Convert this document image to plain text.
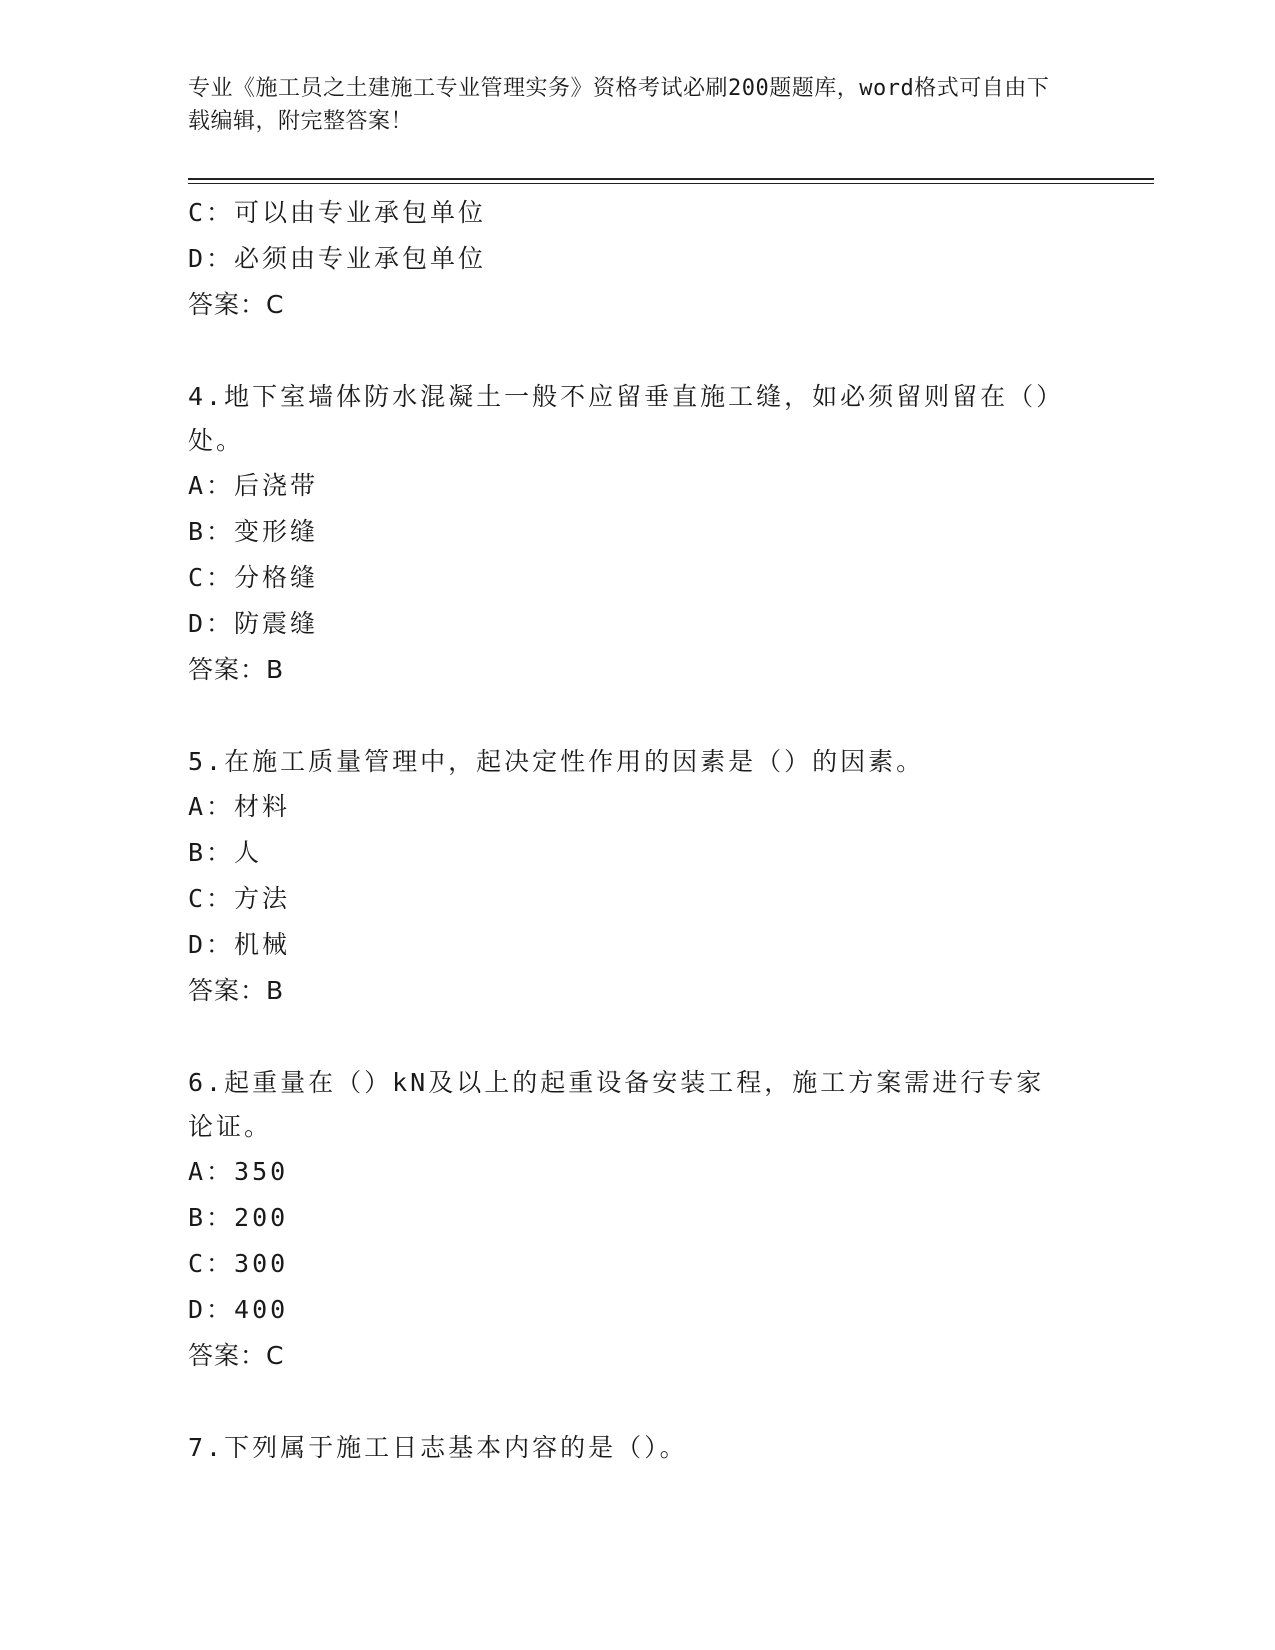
专业《施工员之土建施工专业管理实务》资格考试必刷200题题库，word格式可自由下载编辑，附完整答案！
C：可以由专业承包单位
D：必须由专业承包单位
答案：C
4.地下室墙体防水混凝土一般不应留垂直施工缝，如必须留则留在（）处。
A：后浇带
B：变形缝
C：分格缝
D：防震缝
答案：B
5.在施工质量管理中，起决定性作用的因素是（）的因素。
A：材料
B：人
C：方法
D：机械
答案：B
6.起重量在（）kN及以上的起重设备安装工程，施工方案需进行专家论证。
A：350
B：200
C：300
D：400
答案：C
7.下列属于施工日志基本内容的是（）。
